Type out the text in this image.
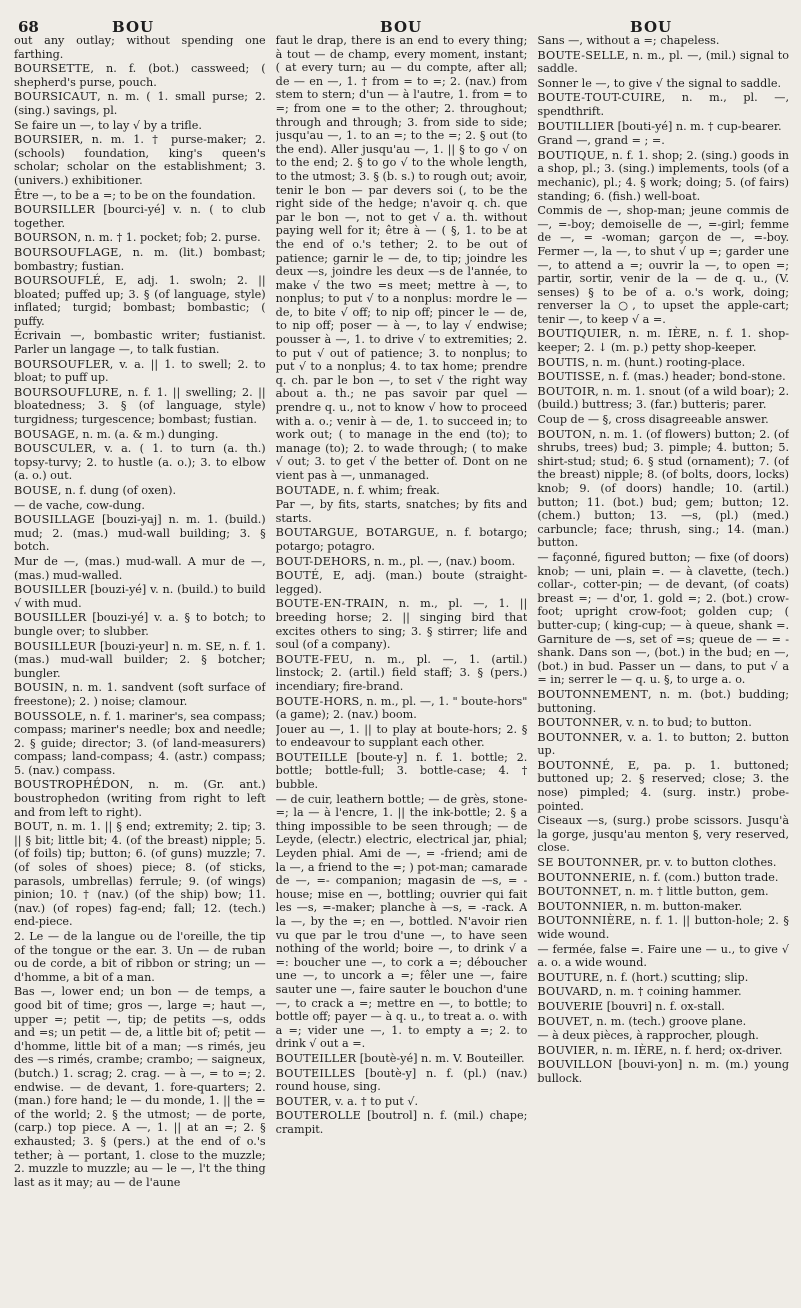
68	BOU	BOU	BOU

out any outlay; without spending one farthing.

BOURSETTE, n. f. (bot.) cassweed; ( shepherd's purse, pouch.

BOURSICAUT, n. m. ( 1. small purse; 2. (sing.) savings, pl.

Se faire un —, to lay √ by a trifle.

BOURSIER, n. m. 1. † purse-maker; 2. (schools) foundation, king's queen's scholar; scholar on the establishment; 3. (univers.) exhibitioner.

Être —, to be a =; to be on the foundation.

BOURSILLER [bourci-yé] v. n. ( to club together.

BOURSON, n. m. † 1. pocket; fob; 2. purse.

BOURSOUFLAGE, n. m. (lit.) bombast; bombastry; fustian.

BOURSOUFLÉ, E, adj. 1. swoln; 2. || bloated; puffed up; 3. § (of language, style) inflated; turgid; bombast; bombastic; ( puffy.

Écrivain —, bombastic writer; fustianist. Parler un langage —, to talk fustian.

BOURSOUFLER, v. a. || 1. to swell; 2. to bloat; to puff up.

BOURSOUFLURE, n. f. 1. || swelling; 2. || bloatedness; 3. § (of language, style) turgidness; turgescence; bombast; fustian.

BOUSAGE, n. m. (a. & m.) dunging.

BOUSCULER, v. a. ( 1. to turn (a. th.) topsy-turvy; 2. to hustle (a. o.); 3. to elbow (a. o.) out.

BOUSE, n. f. dung (of oxen).

— de vache, cow-dung.

BOUSILLAGE [bouzi-yaj] n. m. 1. (build.) mud; 2. (mas.) mud-wall building; 3. § botch.

Mur de —, (mas.) mud-wall. A mur de —, (mas.) mud-walled.

BOUSILLER [bouzi-yé] v. n. (build.) to build √ with mud.

BOUSILLER [bouzi-yé] v. a. § to botch; to bungle over; to slubber.

BOUSILLEUR [bouzi-yeur] n. m. SE, n. f. 1. (mas.) mud-wall builder; 2. § botcher; bungler.

BOUSIN, n. m. 1. sandvent (soft surface of freestone); 2. ) noise; clamour.

BOUSSOLE, n. f. 1. mariner's, sea compass; compass; mariner's needle; box and needle; 2. § guide; director; 3. (of land-measurers) compass; land-compass; 4. (astr.) compass; 5. (nav.) compass.

BOUSTROPHÉDON, n. m. (Gr. ant.) boustrophedon (writing from right to left and from left to right).

BOUT, n. m. 1. || § end; extremity; 2. tip; 3. || § bit; little bit; 4. (of the breast) nipple; 5. (of foils) tip; button; 6. (of guns) muzzle; 7. (of soles of shoes) piece; 8. (of sticks, parasols, umbrellas) ferrule; 9. (of wings) pinion; 10. † (nav.) (of the ship) bow; 11. (nav.) (of ropes) fag-end; fall; 12. (tech.) end-piece.

2. Le — de la langue ou de l'oreille, the tip of the tongue or the ear. 3. Un — de ruban ou de corde, a bit of ribbon or string; un — d'homme, a bit of a man.

Bas —, lower end; un bon — de temps, a good bit of time; gros —, large =; haut —, upper =; petit —, tip; de petits —s, odds and =s; un petit — de, a little bit of; petit — d'homme, little bit of a man; —s rimés, jeu des —s rimés, crambe; crambo; — saigneux, (butch.) 1. scrag; 2. crag. — à —, = to =; 2. endwise. — de devant, 1. fore-quarters; 2. (man.) fore hand; le — du monde, 1. || the = of the world; 2. § the utmost; — de porte, (carp.) top piece. A —, 1. || at an =; 2. § exhausted; 3. § (pers.) at the end of o.'s tether; à — portant, 1. close to the muzzle; 2. muzzle to muzzle; au — le —, l't the thing last as it may; au — de l'aune

faut le drap, there is an end to every thing; à tout — de champ, every moment, instant; ( at every turn; au — du compte, after all; de — en —, 1. † from = to =; 2. (nav.) from stem to stern; d'un — à l'autre, 1. from = to =; from one = to the other; 2. throughout; through and through; 3. from side to side; jusqu'au —, 1. to an =; to the =; 2. § out (to the end). Aller jusqu'au —, 1. || § to go √ on to the end; 2. § to go √ to the whole length, to the utmost; 3. § (b. s.) to rough out; avoir, tenir le bon — par devers soi (, to be the right side of the hedge; n'avoir q. ch. que par le bon —, not to get √ a. th. without paying well for it; être à — ( §, 1. to be at the end of o.'s tether; 2. to be out of patience; garnir le — de, to tip; joindre les deux —s, joindre les deux —s de l'année, to make √ the two =s meet; mettre à —, to nonplus; to put √ to a nonplus: mordre le — de, to bite √ off; to nip off; pincer le — de, to nip off; poser — à —, to lay √ endwise; pousser à —, 1. to drive √ to extremities; 2. to put √ out of patience; 3. to nonplus; to put √ to a nonplus; 4. to tax home; prendre q. ch. par le bon —, to set √ the right way about a. th.; ne pas savoir par quel — prendre q. u., not to know √ how to proceed with a. o.; venir à — de, 1. to succeed in; to work out; ( to manage in the end (to); to manage (to); 2. to wade through; ( to make √ out; 3. to get √ the better of. Dont on ne vient pas à —, unmanaged.

BOUTADE, n. f. whim; freak.

Par —, by fits, starts, snatches; by fits and starts.

BOUTARGUE, BOTARGUE, n. f. botargo; potargo; potagro.

BOUT-DEHORS, n. m., pl. —, (nav.) boom.

BOUTÉ, E, adj. (man.) boute (straight-legged).

BOUTE-EN-TRAIN, n. m., pl. —, 1. || breeding horse; 2. || singing bird that excites others to sing; 3. § stirrer; life and soul (of a company).

BOUTE-FEU, n. m., pl. —, 1. (artil.) linstock; 2. (artil.) field staff; 3. § (pers.) incendiary; fire-brand.

BOUTE-HORS, n. m., pl. —, 1. " boute-hors" (a game); 2. (nav.) boom.

Jouer au —, 1. || to play at boute-hors; 2. § to endeavour to supplant each other.

BOUTEILLE [boute-y] n. f. 1. bottle; 2. bottle; bottle-full; 3. bottle-case; 4. † bubble.

— de cuir, leathern bottle; — de grès, stone- =; la — à l'encre, 1. || the ink-bottle; 2. § a thing impossible to be seen through; — de Leyde, (electr.) electric, electrical jar, phial; Leyden phial. Ami de —, = -friend; ami de la —, a friend to the =; ) pot-man; camarade de —, =- companion; magasin de —s, = -house; mise en —, bottling; ouvrier qui fait les —s, =-maker; planche à —s, = -rack. A la —, by the =; en —, bottled. N'avoir rien vu que par le trou d'une —, to have seen nothing of the world; boire —, to drink √ a =: boucher une —, to cork a =; déboucher une —, to uncork a =; fêler une —, faire sauter une —, faire sauter le bouchon d'une —, to crack a =; mettre en —, to bottle; to bottle off; payer — à q. u., to treat a. o. with a =; vider une —, 1. to empty a =; 2. to drink √ out a =.

BOUTEILLER [boutè-yé] n. m. V. Bouteiller.

BOUTEILLES [boutè-y] n. f. (pl.) (nav.) round house, sing.

BOUTER, v. a. † to put √.

BOUTEROLLE [boutrol] n. f. (mil.) chape; crampit.

Sans —, without a =; chapeless.

BOUTE-SELLE, n. m., pl. —, (mil.) signal to saddle.

Sonner le —, to give √ the signal to saddle.

BOUTE-TOUT-CUIRE, n. m., pl. —, spendthrift.

BOUTILLIER [bouti-yé] n. m. † cup-bearer.

Grand —, grand = ; =.

BOUTIQUE, n. f. 1. shop; 2. (sing.) goods in a shop, pl.; 3. (sing.) implements, tools (of a mechanic), pl.; 4. § work; doing; 5. (of fairs) standing; 6. (fish.) well-boat.

Commis de —, shop-man; jeune commis de —, =-boy; demoiselle de —, =-girl; femme de —, = -woman; garçon de —, =-boy. Fermer —, la —, to shut √ up =; garder une —, to attend a =; ouvrir la —, to open =; partir, sortir, venir de la — de q. u., (V. senses) § to be of a. o.'s work, doing; renverser la ○, to upset the apple-cart; tenir —, to keep √ a =.

BOUTIQUIER, n. m. IÈRE, n. f. 1. shop-keeper; 2. ↓ (m. p.) petty shop-keeper.

BOUTIS, n. m. (hunt.) rooting-place.

BOUTISSE, n. f. (mas.) header; bond-stone.

BOUTOIR, n. m. 1. snout (of a wild boar); 2. (build.) buttress; 3. (far.) butteris; parer.

Coup de — §, cross disagreeable answer.

BOUTON, n. m. 1. (of flowers) button; 2. (of shrubs, trees) bud; 3. pimple; 4. button; 5. shirt-stud; stud; 6. § stud (ornament); 7. (of the breast) nipple; 8. (of bolts, doors, locks) knob; 9. (of doors) handle; 10. (artil.) button; 11. (bot.) bud; gem; button; 12. (chem.) button; 13. —s, (pl.) (med.) carbuncle; face; thrush, sing.; 14. (man.) button.

— façonné, figured button; — fixe (of doors) knob; — uni, plain =. — à clavette, (tech.) collar-, cotter-pin; — de devant, (of coats) breast =; — d'or, 1. gold =; 2. (bot.) crow-foot; upright crow-foot; golden cup; ( butter-cup; ( king-cup; — à queue, shank =. Garniture de —s, set of =s; queue de — = -shank. Dans son —, (bot.) in the bud; en —, (bot.) in bud. Passer un — dans, to put √ a = in; serrer le — q. u. §, to urge a. o.

BOUTONNEMENT, n. m. (bot.) budding; buttoning.

BOUTONNER, v. n. to bud; to button.

BOUTONNER, v. a. 1. to button; 2. button up.

BOUTONNÉ, E, pa. p. 1. buttoned; buttoned up; 2. § reserved; close; 3. the nose) pimpled; 4. (surg. instr.) probe-pointed.

Ciseaux —s, (surg.) probe scissors. Jusqu'à la gorge, jusqu'au menton §, very reserved, close.

SE BOUTONNER, pr. v. to button clothes.

BOUTONNERIE, n. f. (com.) button trade.

BOUTONNET, n. m. † little button, gem.

BOUTONNIER, n. m. button-maker.

BOUTONNIÈRE, n. f. 1. || button-hole; 2. § wide wound.

— fermée, false =. Faire une — u., to give √ a. o. a wide wound.

BOUTURE, n. f. (hort.) scutting; slip.

BOUVARD, n. m. † coining hammer.

BOUVERIE [bouvri] n. f. ox-stall.

BOUVET, n. m. (tech.) groove plane.

— à deux pièces, à rapprocher, plough.

BOUVIER, n. m. IÈRE, n. f. herd; ox-driver.

BOUVILLON [bouvi-yon] n. m. (m.) young bullock.
